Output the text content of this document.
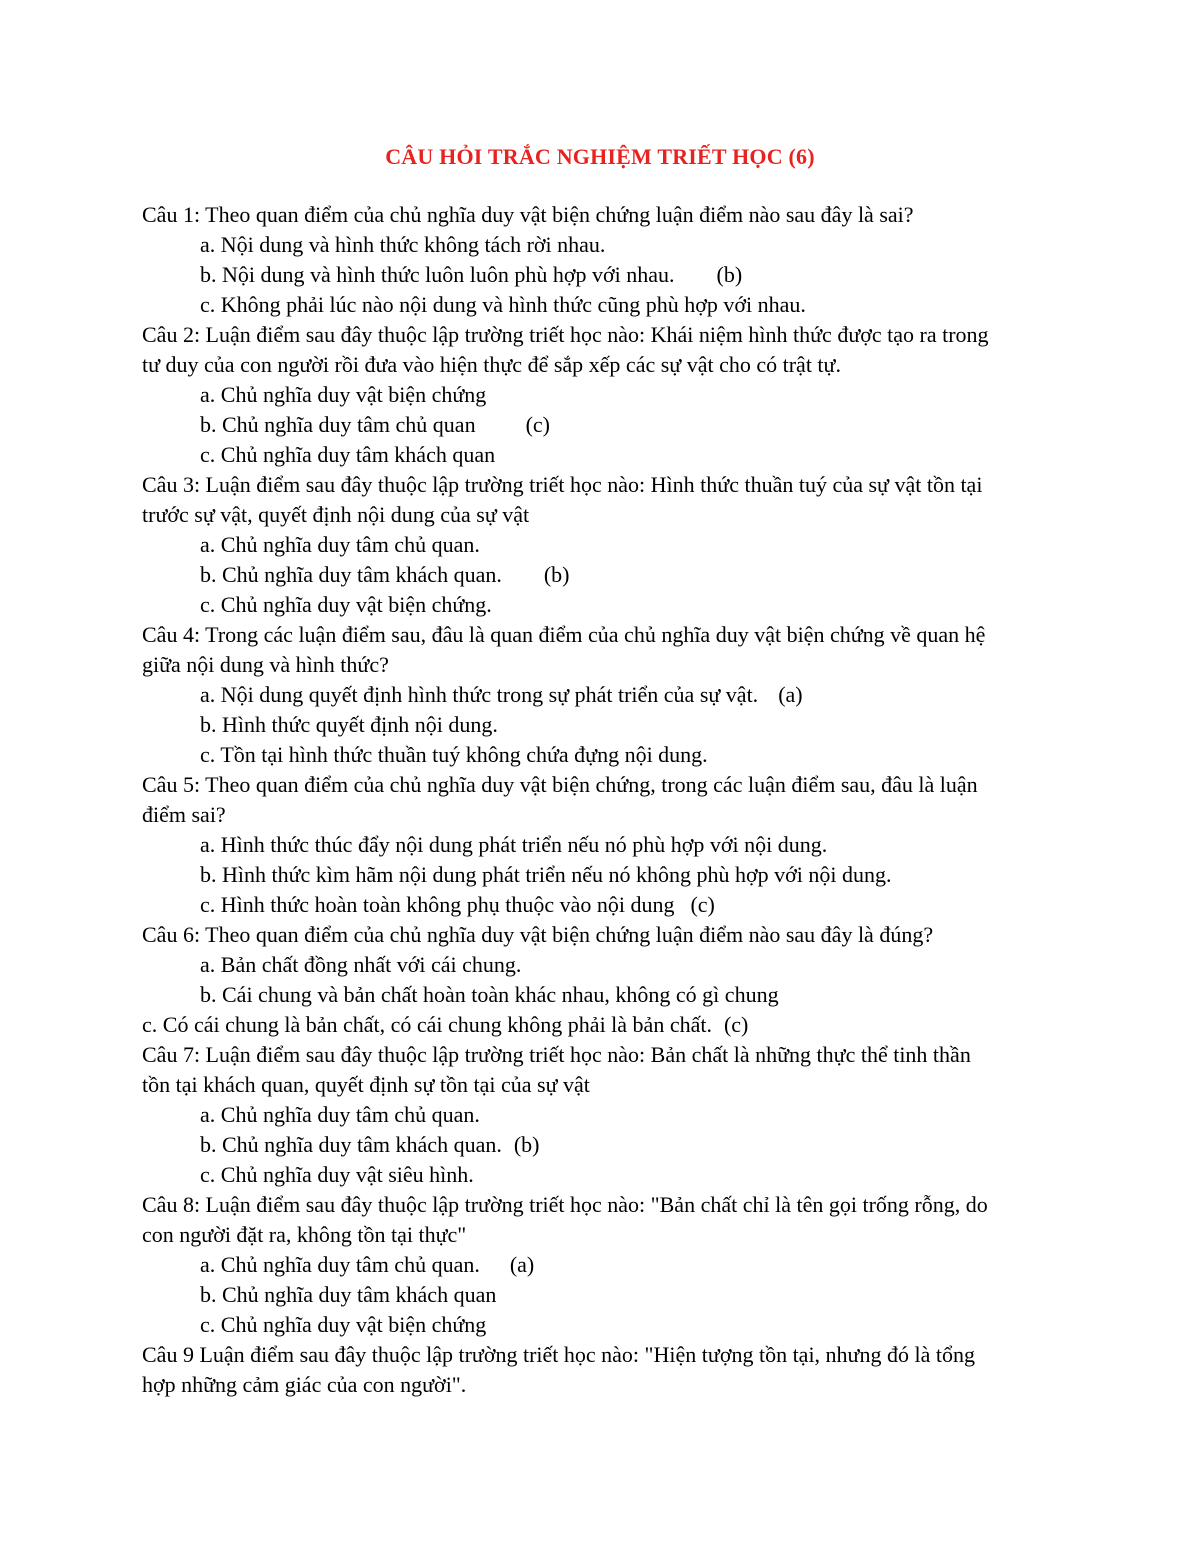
CÂU HỎI TRẮC NGHIỆM TRIẾT HỌC (6)
Câu 1: Theo quan điểm của chủ nghĩa duy vật biện chứng luận điểm nào sau đây là sai?
a. Nội dung và hình thức không tách rời nhau.
b. Nội dung và hình thức luôn luôn phù hợp với nhau. (b)
c. Không phải lúc nào nội dung và hình thức cũng phù hợp với nhau.
Câu 2: Luận điểm sau đây thuộc lập trường triết học nào: Khái niệm hình thức được tạo ra trong
tư duy của con người rồi đưa vào hiện thực để sắp xếp các sự vật cho có trật tự.
a. Chủ nghĩa duy vật biện chứng
b. Chủ nghĩa duy tâm chủ quan (c)
c. Chủ nghĩa duy tâm khách quan
Câu 3: Luận điểm sau đây thuộc lập trường triết học nào: Hình thức thuần tuý của sự vật tồn tại
trước sự vật, quyết định nội dung của sự vật
a. Chủ nghĩa duy tâm chủ quan.
b. Chủ nghĩa duy tâm khách quan. (b)
c. Chủ nghĩa duy vật biện chứng.
Câu 4: Trong các luận điểm sau, đâu là quan điểm của chủ nghĩa duy vật biện chứng về quan hệ
giữa nội dung và hình thức?
a. Nội dung quyết định hình thức trong sự phát triển của sự vật. (a)
b. Hình thức quyết định nội dung.
c. Tồn tại hình thức thuần tuý không chứa đựng nội dung.
Câu 5: Theo quan điểm của chủ nghĩa duy vật biện chứng, trong các luận điểm sau, đâu là luận
điểm sai?
a. Hình thức thúc đẩy nội dung phát triển nếu nó phù hợp với nội dung.
b. Hình thức kìm hãm nội dung phát triển nếu nó không phù hợp với nội dung.
c. Hình thức hoàn toàn không phụ thuộc vào nội dung (c)
Câu 6: Theo quan điểm của chủ nghĩa duy vật biện chứng luận điểm nào sau đây là đúng?
a. Bản chất đồng nhất với cái chung.
b. Cái chung và bản chất hoàn toàn khác nhau, không có gì chung
c. Có cái chung là bản chất, có cái chung không phải là bản chất. (c)
Câu 7: Luận điểm sau đây thuộc lập trường triết học nào: Bản chất là những thực thể tinh thần
tồn tại khách quan, quyết định sự tồn tại của sự vật
a. Chủ nghĩa duy tâm chủ quan.
b. Chủ nghĩa duy tâm khách quan. (b)
c. Chủ nghĩa duy vật siêu hình.
Câu 8: Luận điểm sau đây thuộc lập trường triết học nào: "Bản chất chỉ là tên gọi trống rỗng, do
con người đặt ra, không tồn tại thực"
a. Chủ nghĩa duy tâm chủ quan. (a)
b. Chủ nghĩa duy tâm khách quan
c. Chủ nghĩa duy vật biện chứng
Câu 9 Luận điểm sau đây thuộc lập trường triết học nào: "Hiện tượng tồn tại, nhưng đó là tổng
hợp những cảm giác của con người".
